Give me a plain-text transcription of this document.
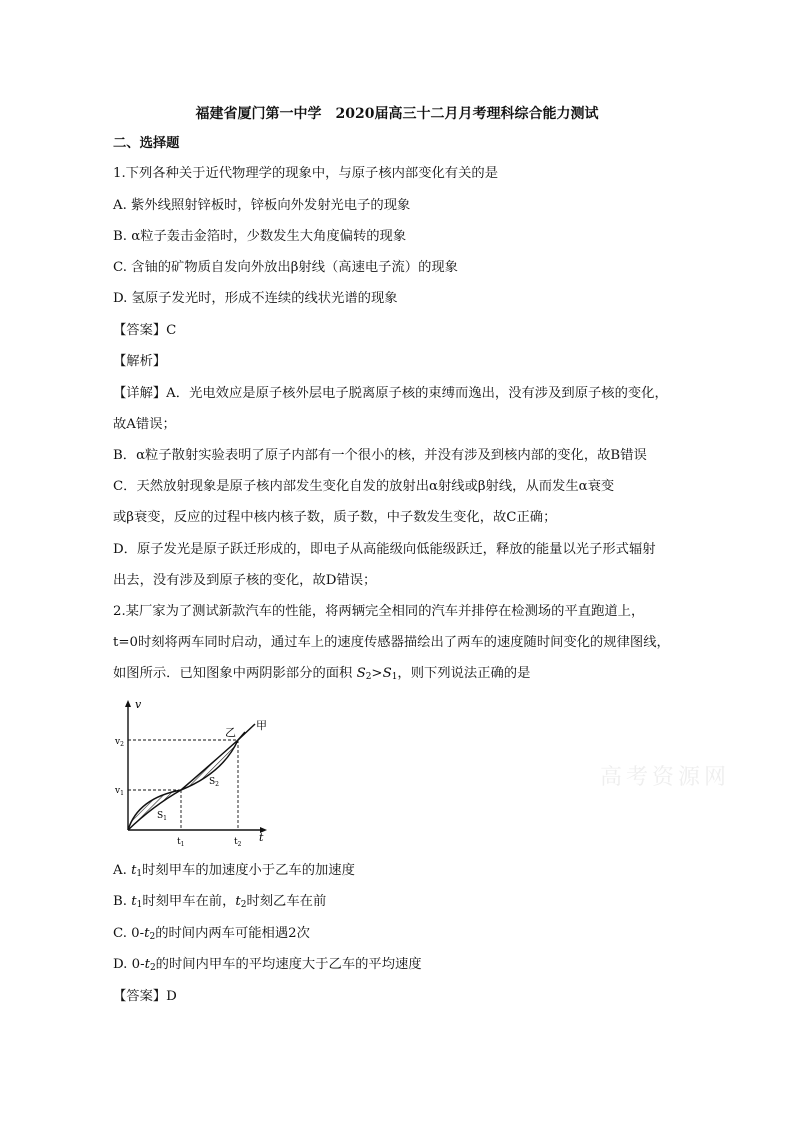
福建省厦门第一中学　2020届高三十二月月考理科综合能力测试
二、选择题
1.下列各种关于近代物理学的现象中，与原子核内部变化有关的是
A. 紫外线照射锌板时，锌板向外发射光电子的现象
B. α粒子轰击金箔时，少数发生大角度偏转的现象
C. 含铀的矿物质自发向外放出β射线（高速电子流）的现象
D. 氢原子发光时，形成不连续的线状光谱的现象
【答案】C
【解析】
【详解】A．光电效应是原子核外层电子脱离原子核的束缚而逸出，没有涉及到原子核的变化，
故A错误；
B．α粒子散射实验表明了原子内部有一个很小的核，并没有涉及到核内部的变化，故B错误
C．天然放射现象是原子核内部发生变化自发的放射出α射线或β射线，从而发生α衰变
或β衰变，反应的过程中核内核子数，质子数，中子数发生变化，故C正确；
D．原子发光是原子跃迁形成的，即电子从高能级向低能级跃迁，释放的能量以光子形式辐射
出去，没有涉及到原子核的变化，故D错误；
2.某厂家为了测试新款汽车的性能，将两辆完全相同的汽车并排停在检测场的平直跑道上，
t=0时刻将两车同时启动，通过车上的速度传感器描绘出了两车的速度随时间变化的规律图线，
如图所示．已知图象中两阴影部分的面积 $S_2>S_1$，则下列说法正确的是
v
t
$v_2$
$v_1$
$t_1$	$t_2$
$S_1$
$S_2$
乙
甲
高考资源网
A. $t_1$时刻甲车的加速度小于乙车的加速度
B. $t_1$时刻甲车在前，$t_2$时刻乙车在前
C. $0-t_2$的时间内两车可能相遇2次
D. $0-t_2$的时间内甲车的平均速度大于乙车的平均速度
【答案】D
